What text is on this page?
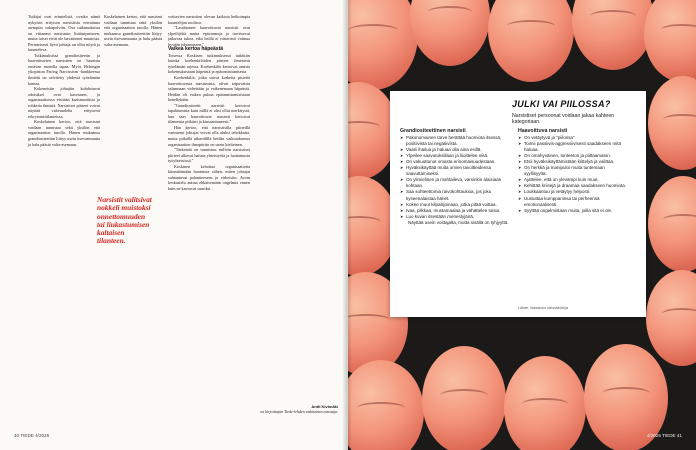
Tutkijat ovat erimielisiä, ovatko nämä nykyisin erityisen narsistisia verrattuna aiempiin sukupolviin. Osa tutkimuksista on viitannut narsismin lisääntymiseen, mutta toiset eivät ole havainneet muutosta. Perinteisesti hyvä johtaja on ollut nöyrä ja kuunteleva.

Tutkimuksissa grandiositeetin ja haavoittuvien narsistien on havaittu eroavan monella tapaa. Myös Helsingin yliopiston Facing Narcissism -hankkeessa ilmiötä on selvitetty yhdessä työelämän kanssa.

Kokeneisiin johtajiin kohdistuvat odotukset ovat kasvaneet, ja organisaatioissa etsitään karismaattisia ja rohkeita ihmisiä. Narsistiset piirteet voivat näyttää vahvuudelta erityisesti rekrytointitilanteissa.

Koskelainen kertoo, että narsismi voidaan tunnistaa sekä yksilön että organisaation tasolla. Hänen mukaansa grandiositeettiin liittyy usein itsevarmuutta ja halu päästä valta-asemaan.

voittavien narsistien olevan kaikista heikoimpia kuuntelijan roolissa.

"Lasahtaneet haavoittuvat narsistit ovat ylpeilijöitä mutta epävarmoja ja tarvitsevat jatkuvaa tukea, eikä heillä ei riittävästi voimaa hyvään johtamiseen."

Vaikea kertoa häpeästä

Toisessa Koskisen tutkimuksessa tutkittiin kuinka koehenkilöiden piirteet ilmenivät työelämän arjessa. Koehenkilöt kertoivat omista kokemuksistaan häpeästä ja epäonnistumisesta.

Koehenkilöt, jotka saivat korkeita pisteitä haavoittuvasta narsismista, olivat taipuvaisia salaamaan virheitään ja vaikenemaan häpeästä. Heidän oli vaikea puhua epäonnistumisistaan kenellekään.

"Grandiositeetit narsistit kertoivat tapahtumista kuin niillä ei olisi ollut merkitystä, kun taas haavoittuvat narsistit kertoivat tilanteista pitkästi ja kiusaantuneesti."

Hän kertoo, että narsistisilla piirteillä varustetut johtajat voivat olla aluksi tehokkaita, mutta pitkällä aikavälillä heidän vaikutuksensa organisaation ilmapiiriin on usein kielteinen.

"Tärkeintä on tunnistaa, milloin narsistiset piirteet alkavat haitata yhteistyötä ja luottamusta työyhteisössä."

Koskinen kehottaa organisaatioita kiinnittämään huomiota siihen, miten johtajat suhtautuvat palautteeseen ja virheisiin. Avoin keskustelu auttaa ehkäisemään ongelmia ennen kuin ne kasvavat suuriksi.

Koskelainen kertoo, että narsismi voidaan tunnistaa sekä yksilön että organisaation tasolla. Hänen mukaansa grandiositeettiin liittyy usein itsevarmuutta ja halu päästä valta-asemaan.

Narsistit valitsivat nokkeli muistoksi onnettomuuden tai liukastumisen kaltaisen tilanteen.
Antti Kivimäki
on kirjoittajan Tiede-lehden vakituinen avustaja.
40 TIEDE 4/2025	4/2025 TIEDE 41
JULKI VAI PIILOSSA?
Narsistiset persoonat voidaan jakaa kahteen kategoriaan.
Grandiositeettinen narsisti
➤ Pakonomainen tarve herättää huomiota itsessä, positiivista tai negatiivista.
➤ Vaatii ihailua ja haluaa olla aina esillä.
➤ Ylpeilee saavutuksillaan ja liioittelee niitä.
➤ On vakuuttunut omasta erinomaisuudestaan.
➤ Hyväksikäyttää muita omien tavoitteidensa saavuttamiseksi.
➤ On ylimielinen ja mahtaileva, varsinkin alaisiaan kohtaan.
➤ Saa suhteettomia raivokohtauksia, jos joku kyseenalaistaa hänet.
➤ Kokee muut kilpailijoinaan, jotka pitää voittaa.
➤ Ivaa, pilkkaa, mustamaalaa ja vähättelee toisia.
➤ Luo kuvan itsestään menestyjänä.
Näyttää usein voittajalta, mutta sisällä on tyhjyyttä.
Haavoittuva narsisti
➤ On vetäytyvä ja "piilossa".
➤ Toimii passiivis-aggressiivisesti saadakseen mitä haluaa.
➤ On omahyväinen, tunteeton ja piittaamaton.
➤ Etsii hyväksikäyttämistään kiittelyä ja valittaa.
➤ On herkkä ja manipuloi muita tuntemaan syyllisyyttä.
➤ Ajattelee, että on ylevämpi kuin muut.
➤ Kehittää kriisejä ja draamaa saadakseen huomiota.
➤ Loukkaantuu ja vetäytyy helposti.
➤ Uusiuttaa kumppaninsa tai perheensä emotionaalisesti.
➤ Syyttää ongelmistaan muita, joilla sitä ei ole.
Lähde: Narsismin ulkonäkökirja
